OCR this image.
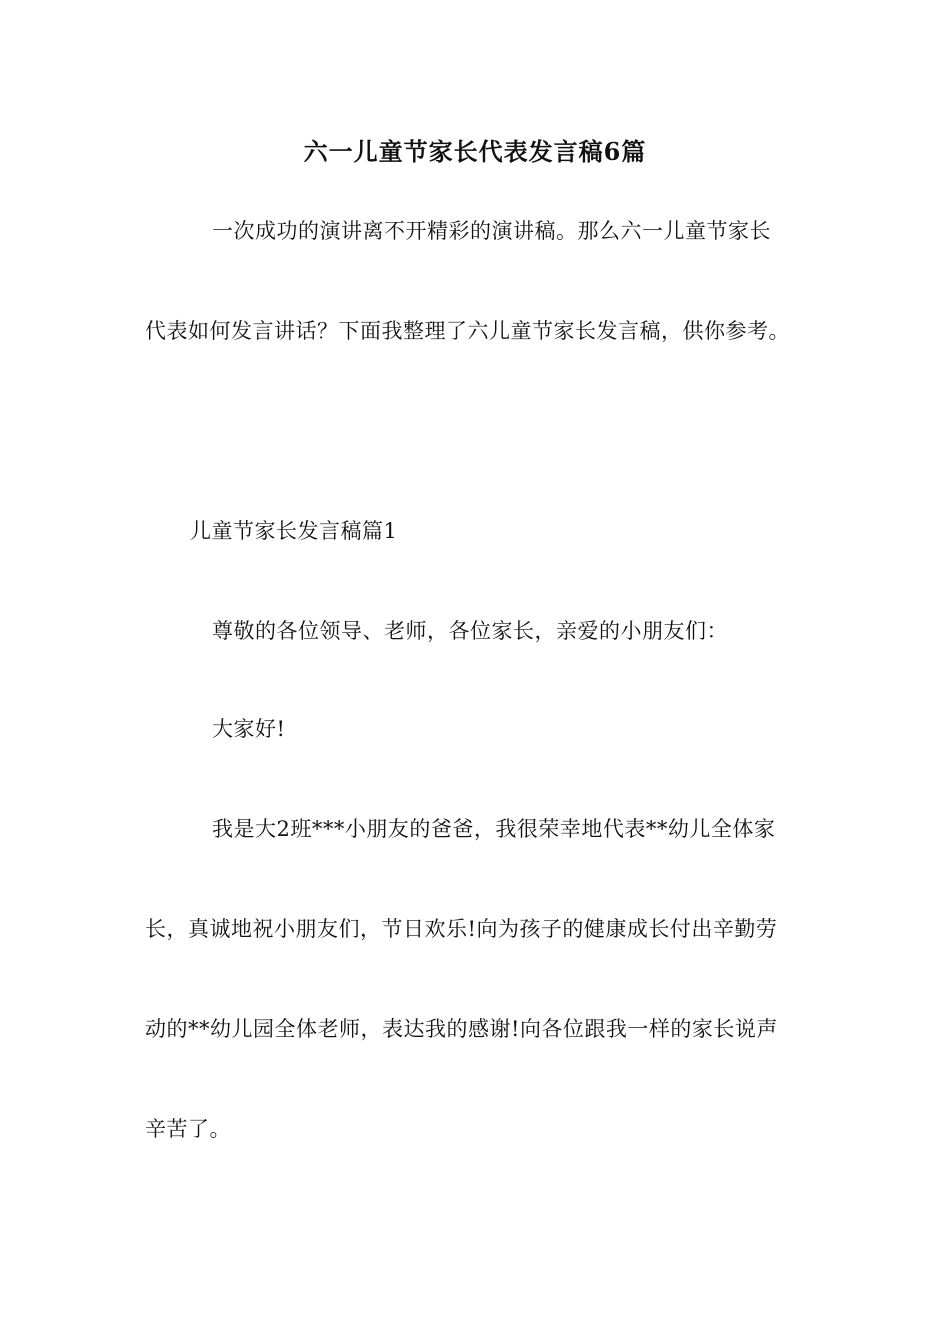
六一儿童节家长代表发言稿6篇
一次成功的演讲离不开精彩的演讲稿。那么六一儿童节家长
代表如何发言讲话？下面我整理了六儿童节家长发言稿，供你参考。
儿童节家长发言稿篇1
尊敬的各位领导、老师，各位家长，亲爱的小朋友们：
大家好!
我是大2班***小朋友的爸爸，我很荣幸地代表**幼儿全体家
长，真诚地祝小朋友们，节日欢乐!向为孩子的健康成长付出辛勤劳
动的**幼儿园全体老师，表达我的感谢!向各位跟我一样的家长说声
辛苦了。
